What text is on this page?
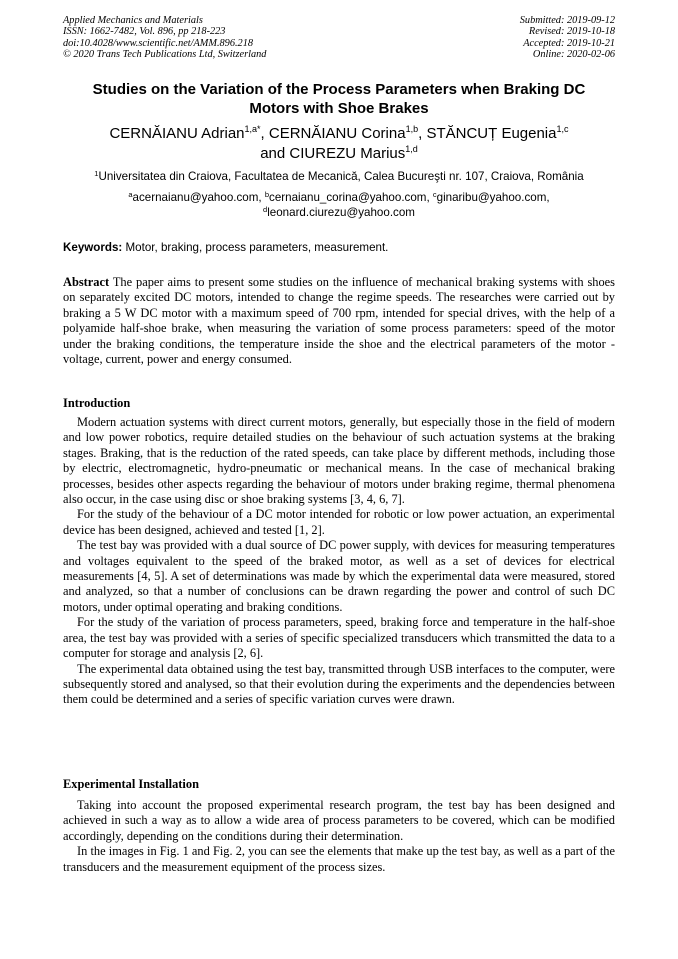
Applied Mechanics and Materials
ISSN: 1662-7482, Vol. 896, pp 218-223
doi:10.4028/www.scientific.net/AMM.896.218
© 2020 Trans Tech Publications Ltd, Switzerland
Submitted: 2019-09-12
Revised: 2019-10-18
Accepted: 2019-10-21
Online: 2020-02-06
Studies on the Variation of the Process Parameters when Braking DC
Motors with Shoe Brakes
CERNĂIANU Adrian$^{1,a*}$, CERNĂIANU Corina$^{1,b}$, STĂNCUȚ Eugenia$^{1,c}$
and CIUREZU Marius$^{1,d}$
$^1$Universitatea din Craiova, Facultatea de Mecanică, Calea Bucureşti nr. 107, Craiova, România
$^a$acernaianu@yahoo.com, $^b$cernaianu_corina@yahoo.com, $^c$ginaribu@yahoo.com,
$^d$leonard.ciurezu@yahoo.com
Keywords: Motor, braking, process parameters, measurement.

Abstract The paper aims to present some studies on the influence of mechanical braking systems with shoes on separately excited DC motors, intended to change the regime speeds. The researches were carried out by braking a 5 W DC motor with a maximum speed of 700 rpm, intended for special drives, with the help of a polyamide half-shoe brake, when measuring the variation of some process parameters: speed of the motor under the braking conditions, the temperature inside the shoe and the electrical parameters of the motor - voltage, current, power and energy consumed.

Introduction

Modern actuation systems with direct current motors, generally, but especially those in the field of modern and low power robotics, require detailed studies on the behaviour of such actuation systems at the braking stages. Braking, that is the reduction of the rated speeds, can take place by different methods, including those by electric, electromagnetic, hydro-pneumatic or mechanical means. In the case of mechanical braking processes, besides other aspects regarding the behaviour of motors under braking regime, thermal phenomena also occur, in the case using disc or shoe braking systems [3, 4, 6, 7].

For the study of the behaviour of a DC motor intended for robotic or low power actuation, an experimental device has been designed, achieved and tested [1, 2].

The test bay was provided with a dual source of DC power supply, with devices for measuring temperatures and voltages equivalent to the speed of the braked motor, as well as a set of devices for electrical measurements [4, 5]. A set of determinations was made by which the experimental data were measured, stored and analyzed, so that a number of conclusions can be drawn regarding the power and control of such DC motors, under optimal operating and braking conditions.

For the study of the variation of process parameters, speed, braking force and temperature in the half-shoe area, the test bay was provided with a series of specific specialized transducers which transmitted the data to a computer for storage and analysis [2, 6].

The experimental data obtained using the test bay, transmitted through USB interfaces to the computer, were subsequently stored and analysed, so that their evolution during the experiments and the dependencies between them could be determined and a series of specific variation curves were drawn.

Experimental Installation

Taking into account the proposed experimental research program, the test bay has been designed and achieved in such a way as to allow a wide area of process parameters to be covered, which can be modified accordingly, depending on the conditions during their determination.

In the images in Fig. 1 and Fig. 2, you can see the elements that make up the test bay, as well as a part of the transducers and the measurement equipment of the process sizes.
